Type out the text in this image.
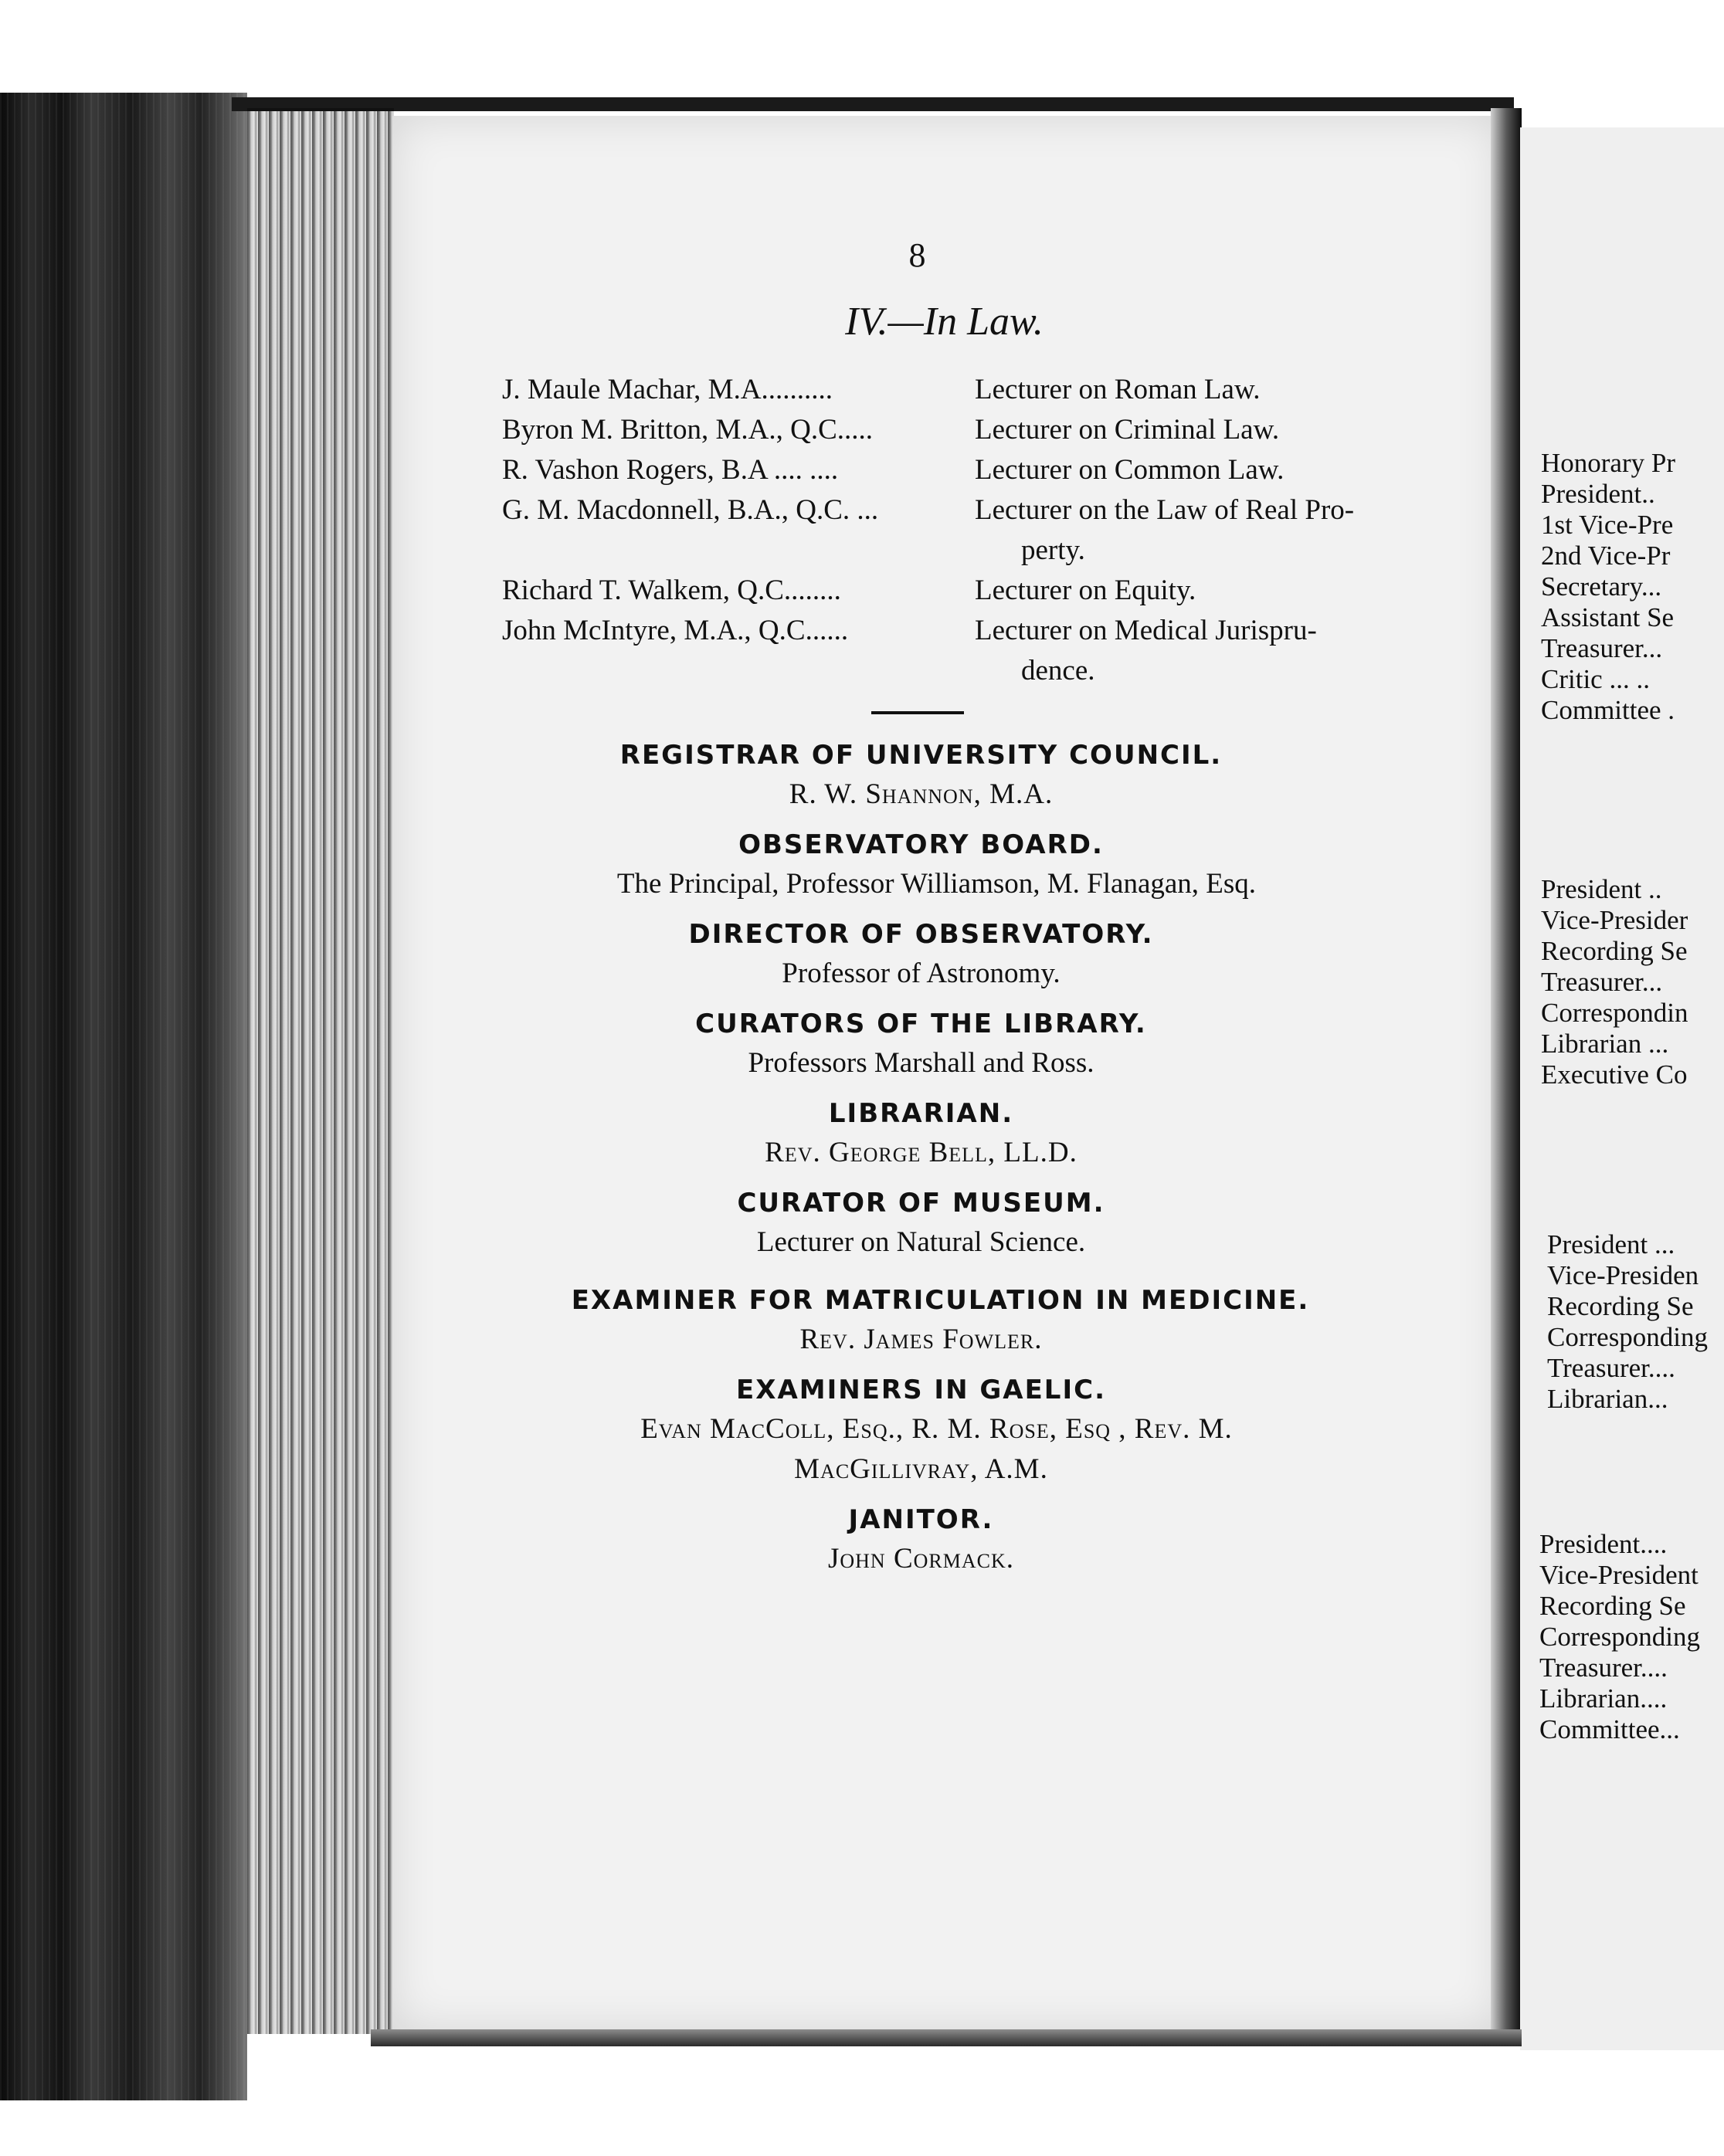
8
IV.—In Law.
J. Maule Machar, M.A..........	Lecturer on Roman Law.
Byron M. Britton, M.A., Q.C.....	Lecturer on Criminal Law.
R. Vashon Rogers, B.A .... ....	Lecturer on Common Law.
G. M. Macdonnell, B.A., Q.C. ...	Lecturer on the Law of Real Pro-
perty.
Richard T. Walkem, Q.C........	Lecturer on Equity.
John McIntyre, M.A., Q.C......	Lecturer on Medical Jurispru-
dence.
REGISTRAR OF UNIVERSITY COUNCIL.
R. W. Shannon, M.A.
OBSERVATORY BOARD.
The Principal, Professor Williamson, M. Flanagan, Esq.
DIRECTOR OF OBSERVATORY.
Professor of Astronomy.
CURATORS OF THE LIBRARY.
Professors Marshall and Ross.
LIBRARIAN.
Rev. George Bell, LL.D.
CURATOR OF MUSEUM.
Lecturer on Natural Science.
EXAMINER FOR MATRICULATION IN MEDICINE.
Rev. James Fowler.
EXAMINERS IN GAELIC.
Evan MacColl, Esq., R. M. Rose, Esq , Rev. M.
MacGillivray, A.M.
JANITOR.
John Cormack.
Honorary Pr
President..
1st Vice-Pre
2nd Vice-Pr
Secretary...
Assistant Se
Treasurer...
Critic ... ..
Committee .
President ..
Vice-Presider
Recording Se
Treasurer...
Correspondin
Librarian ...
Executive Co
President ...
Vice-Presiden
Recording Se
Corresponding
Treasurer....
Librarian...
President....
Vice-President
Recording Se
Corresponding
Treasurer....
Librarian....
Committee...
